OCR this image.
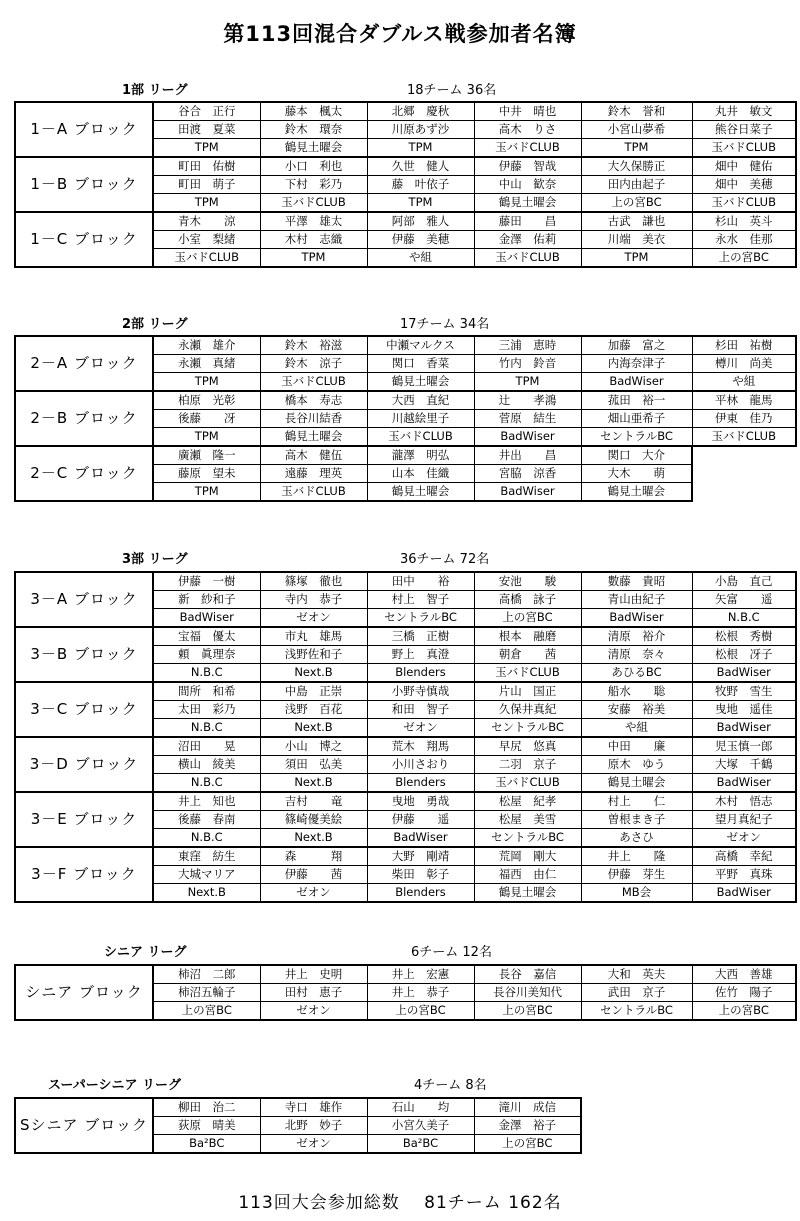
第113回混合ダブルス戦参加者名簿
1部 リーグ	18チーム 36名
1－A ブロック	谷合　正行	藤本　楓太	北郷　慶秋	中井　晴也	鈴木　誉和	丸井　敏文
	田渡　夏菜	鈴木　環奈	川原あず沙	高木　りさ	小宮山夢希	熊谷日菜子
	TPM	鶴見土曜会	TPM	玉バドCLUB	TPM	玉バドCLUB
1－B ブロック	町田　佑樹	小口　利也	久世　健人	伊藤　智哉	大久保勝正	畑中　健佑
	町田　萌子	下村　彩乃	藤　叶依子	中山　歓奈	田内由起子	畑中　美穂
	TPM	玉バドCLUB	TPM	鶴見土曜会	上の宮BC	玉バドCLUB
1－C ブロック	青木　　涼	平澤　雄太	阿部　雅人	藤田　　昌	古武　謙也	杉山　英斗
	小室　梨緒	木村　志織	伊藤　美穂	金澤　佑莉	川端　美衣	永水　佳那
	玉バドCLUB	TPM	や組	玉バドCLUB	TPM	上の宮BC
2部 リーグ	17チーム 34名
2－A ブロック	永瀬　雄介	鈴木　裕滋	中瀬マルクス	三浦　恵時	加藤　富之	杉田　祐樹
	永瀬　真緒	鈴木　涼子	関口　香菜	竹内　鈴音	内海奈津子	樽川　尚美
	TPM	玉バドCLUB	鶴見土曜会	TPM	BadWiser	や組
2－B ブロック	柏原　光彰	橋本　寿志	大西　直紀	辻　　孝鴻	菰田　裕一	平林　龍馬
	後藤　　冴	長谷川結香	川越絵里子	菅原　結生	畑山亜希子	伊東　佳乃
	TPM	鶴見土曜会	玉バドCLUB	BadWiser	セントラルBC	玉バドCLUB
2－C ブロック	廣瀬　隆一	高木　健伍	瀧澤　明弘	井出　　昌	関口　大介	
	藤原　望未	遠藤　理英	山本　佳織	宮脇　涼香	大木　　萌	
	TPM	玉バドCLUB	鶴見土曜会	BadWiser	鶴見土曜会	
3部 リーグ	36チーム 72名
3－A ブロック	伊藤　一樹	篠塚　徹也	田中　　裕	安池　　駿	數藤　貴昭	小島　直己
	新　紗和子	寺内　恭子	村上　智子	高橋　詠子	青山由紀子	矢富　　遥
	BadWiser	ゼオン	セントラルBC	上の宮BC	BadWiser	N.B.C
3－B ブロック	宝福　優太	市丸　雄馬	三橋　正樹	根本　融磨	清原　裕介	松根　秀樹
	頼　眞理奈	浅野佐和子	野上　真澄	朝倉　　茜	清原　奈々	松根　冴子
	N.B.C	Next.B	Blenders	玉バドCLUB	あひるBC	BadWiser
3－C ブロック	間所　和希	中島　正崇	小野寺慎哉	片山　国正	船水　　聡	牧野　雪生
	太田　彩乃	浅野　百花	和田　智子	久保井真紀	安藤　裕美	曳地　遥佳
	N.B.C	Next.B	ゼオン	セントラルBC	や組	BadWiser
3－D ブロック	沼田　　晃	小山　博之	荒木　翔馬	早尻　悠真	中田　　廉	児玉慎一郎
	横山　綾美	須田　弘美	小川さおり	二羽　京子	原木　ゆう	大塚　千鶴
	N.B.C	Next.B	Blenders	玉バドCLUB	鶴見土曜会	BadWiser
3－E ブロック	井上　知也	吉村　　竜	曳地　勇哉	松屋　紀孝	村上　　仁	木村　悟志
	後藤　春南	篠崎優美絵	伊藤　　遥	松屋　美雪	曽根まき子	望月真紀子
	N.B.C	Next.B	BadWiser	セントラルBC	あさひ	ゼオン
3－F ブロック	東窪　紡生	森　　　翔	大野　剛靖	荒岡　剛大	井上　　隆	高橋　幸紀
	大城マリア	伊藤　　茜	柴田　彰子	福西　由仁	伊藤　芽生	平野　真珠
	Next.B	ゼオン	Blenders	鶴見土曜会	MB会	BadWiser
シニア リーグ	6チーム 12名
シニア ブロック	柿沼　二郎	井上　史明	井上　宏憲	長谷　嘉信	大和　英夫	大西　善雄
	柿沼五輪子	田村　恵子	井上　恭子	長谷川美知代	武田　京子	佐竹　陽子
	上の宮BC	ゼオン	上の宮BC	上の宮BC	セントラルBC	上の宮BC
スーパーシニア リーグ	4チーム 8名
Sシニア ブロック	柳田　治二	寺口　雄作	石山　　均	滝川　成信
	荻原　晴美	北野　妙子	小宮久美子	金澤　裕子
	Ba²BC	ゼオン	Ba²BC	上の宮BC
113回大会参加総数　 81チーム 162名
